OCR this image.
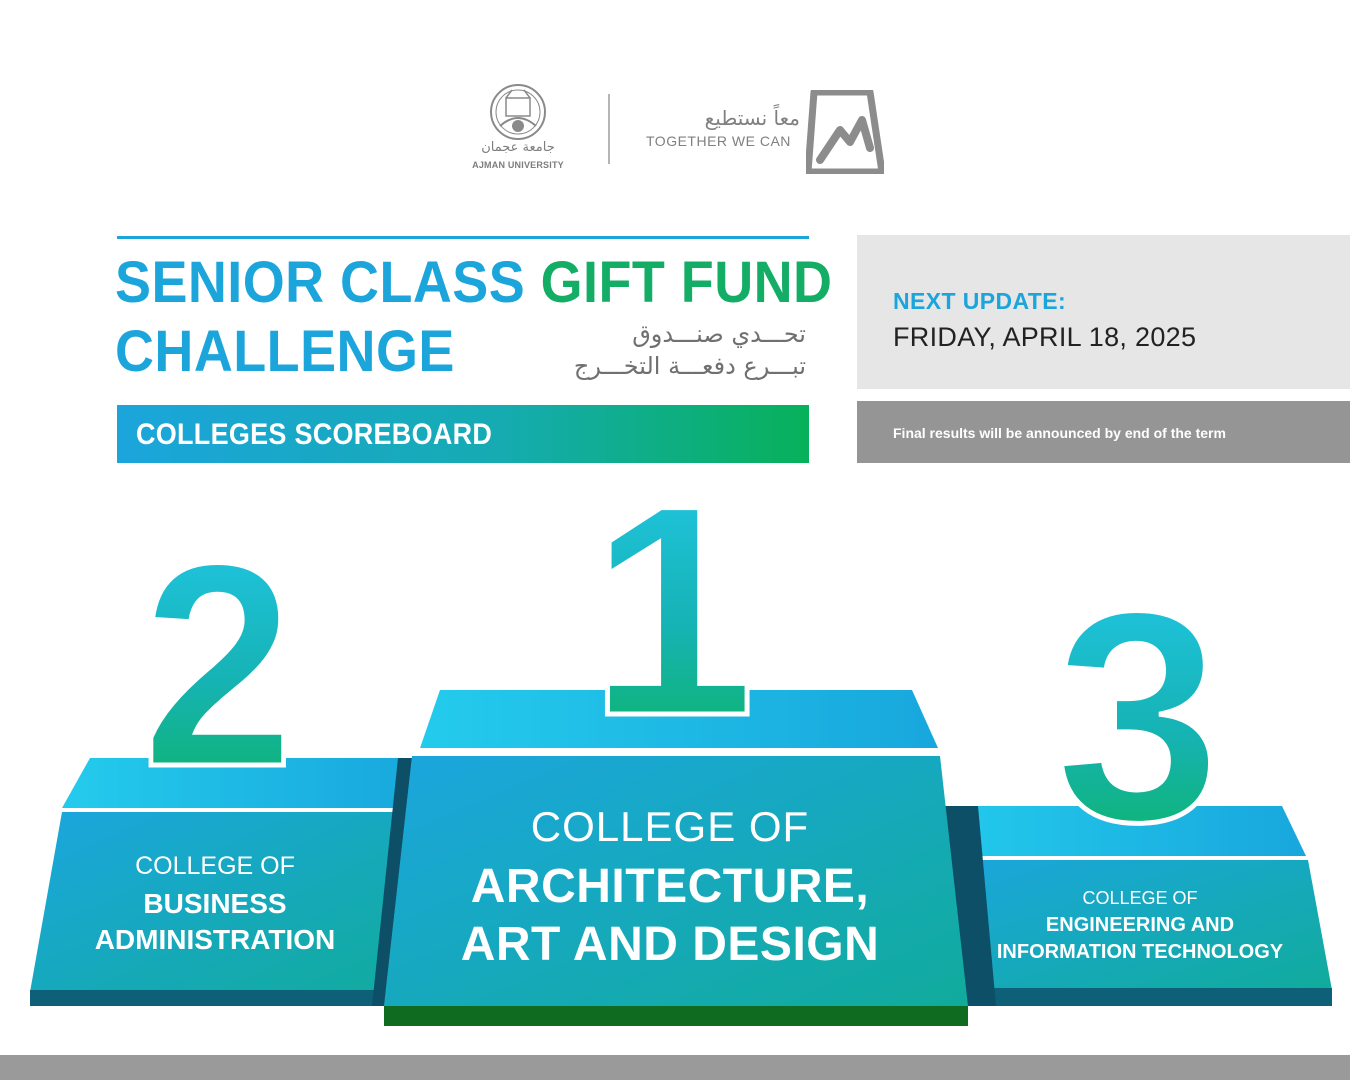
جامعة عجمان
AJMAN UNIVERSITY
معاً نستطيع
TOGETHER WE CAN
SENIOR CLASS GIFT FUND
CHALLENGE	تحـــدي صنـــدوق
تبـــرع دفعـــة التخـــرج
COLLEGES SCOREBOARD
NEXT UPDATE:
FRIDAY, APRIL 18, 2025
Final results will be announced by end of the term
2 1 3
COLLEGE OF
BUSINESS
ADMINISTRATION
COLLEGE OF
ARCHITECTURE,
ART AND DESIGN
COLLEGE OF
ENGINEERING AND
INFORMATION TECHNOLOGY
